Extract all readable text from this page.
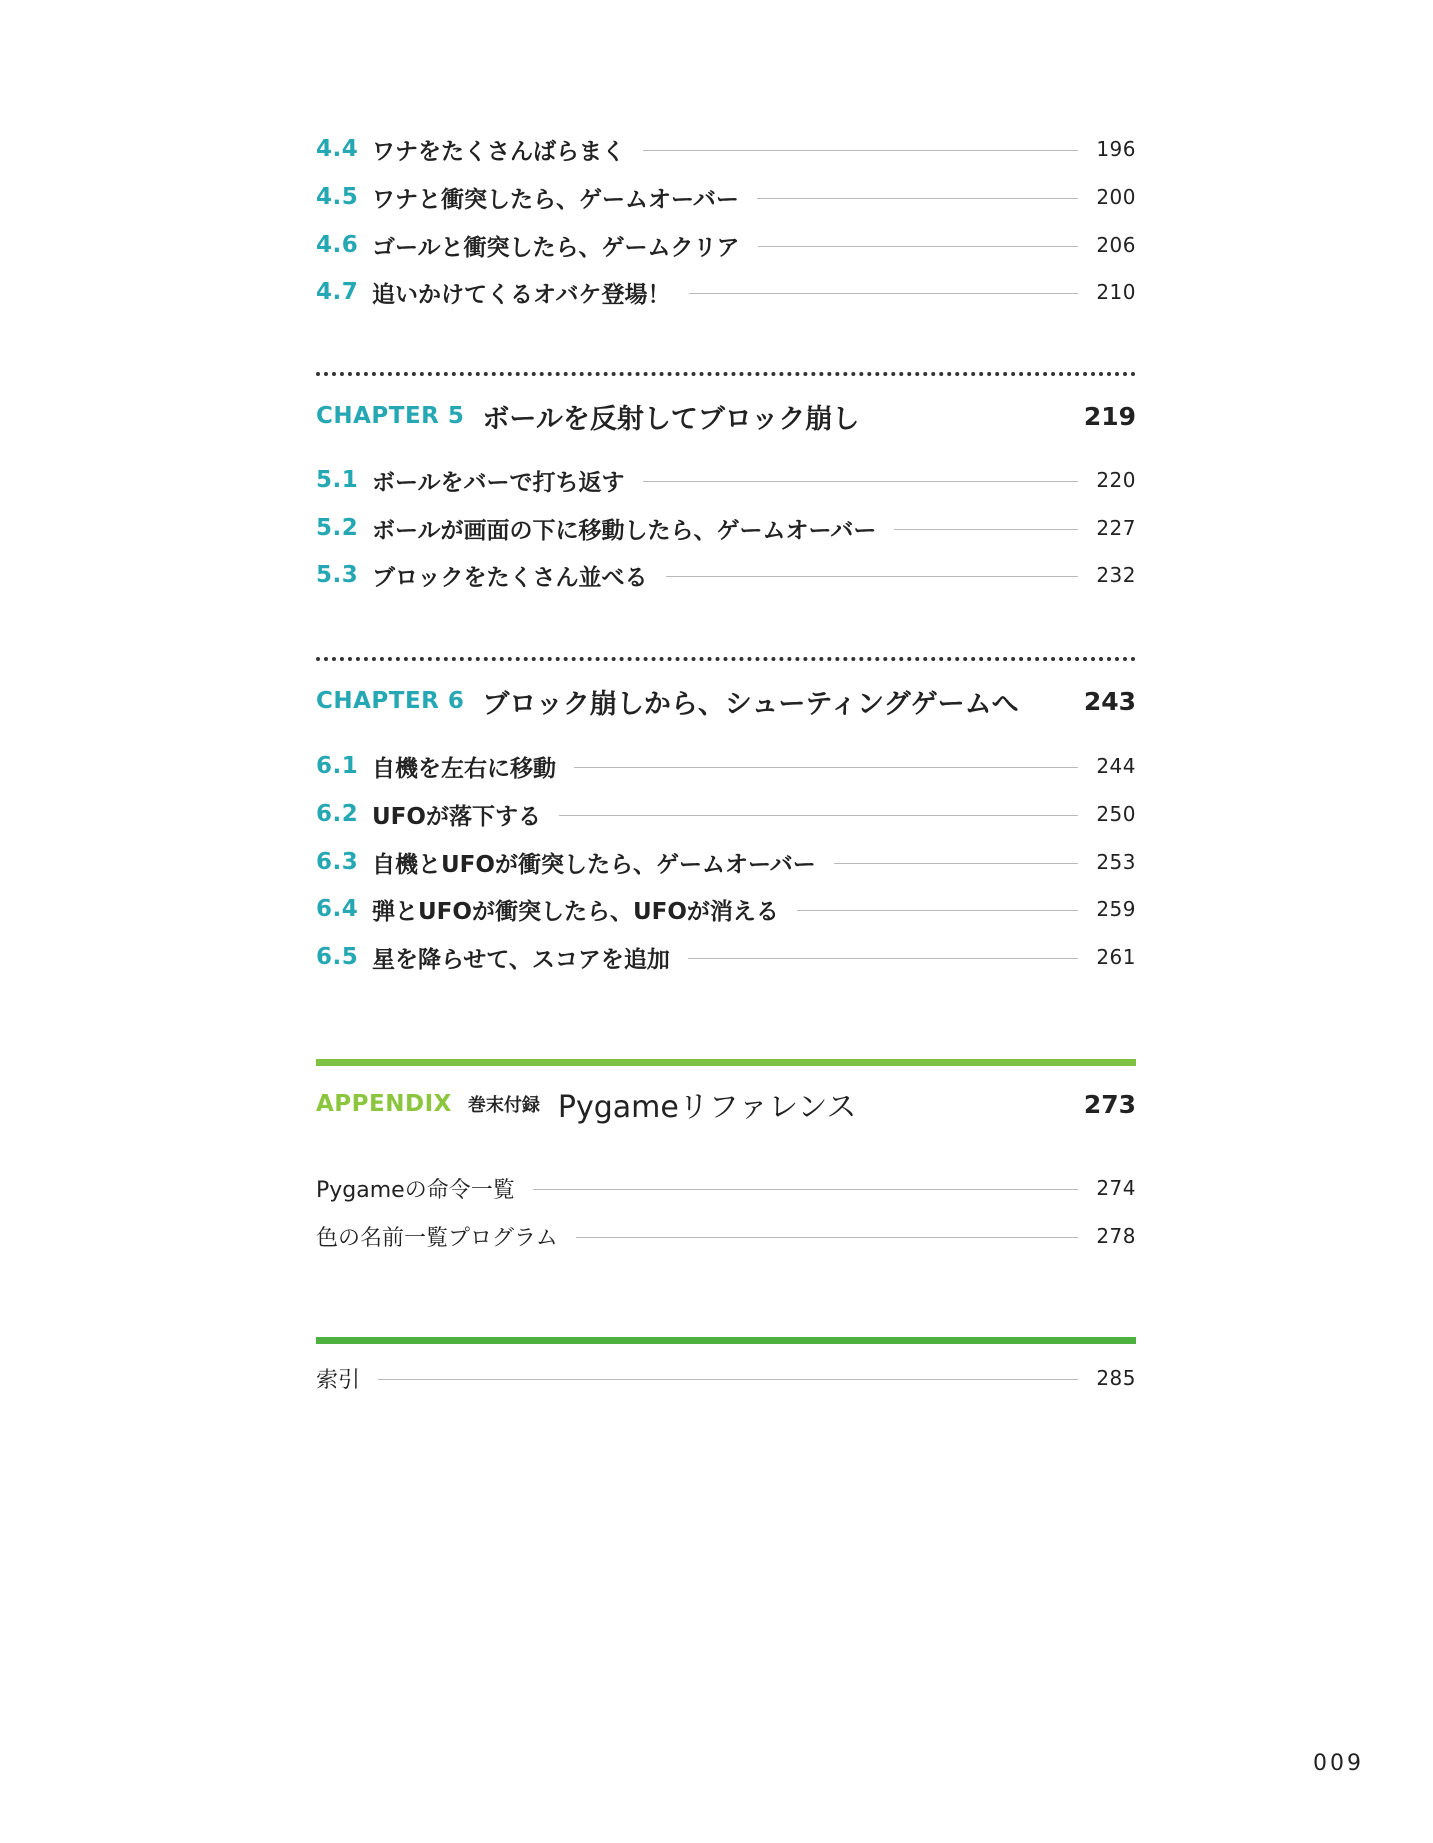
4.4 ワナをたくさんばらまく	196
4.5 ワナと衝突したら、ゲームオーバー	200
4.6 ゴールと衝突したら、ゲームクリア	206
4.7 追いかけてくるオバケ登場！	210
CHAPTER 5 ボールを反射してブロック崩し	219
5.1 ボールをバーで打ち返す	220
5.2 ボールが画面の下に移動したら、ゲームオーバー	227
5.3 ブロックをたくさん並べる	232
CHAPTER 6 ブロック崩しから、シューティングゲームへ	243
6.1 自機を左右に移動	244
6.2 UFOが落下する	250
6.3 自機とUFOが衝突したら、ゲームオーバー	253
6.4 弾とUFOが衝突したら、UFOが消える	259
6.5 星を降らせて、スコアを追加	261
APPENDIX 巻末付録 Pygameリファレンス	273
Pygameの命令一覧	274
色の名前一覧プログラム	278
索引	285
009
